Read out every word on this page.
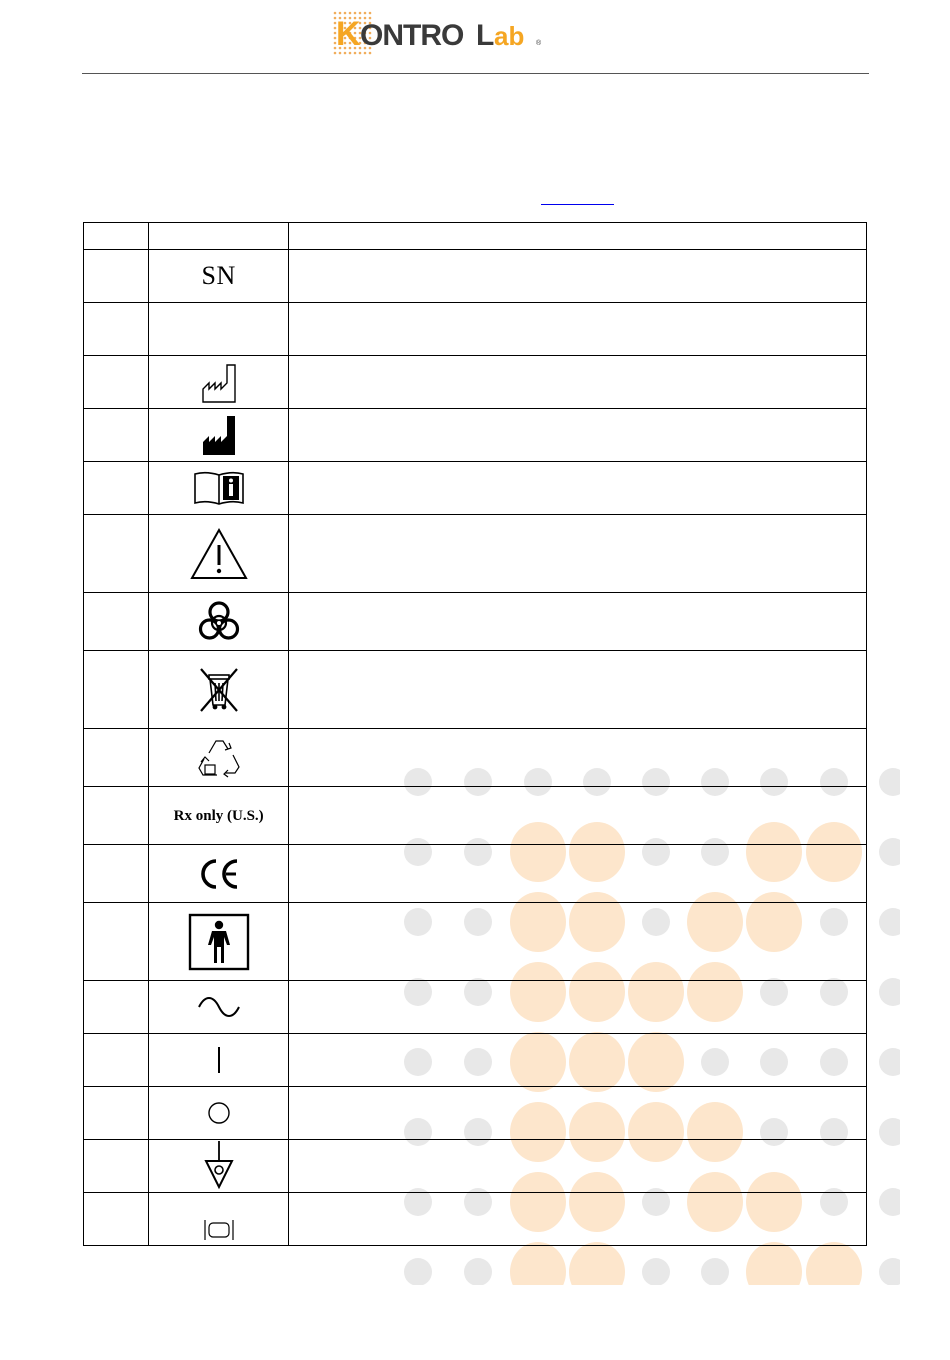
K ONTRO L ab ®

	SN	

	Rx only (U.S.)	
